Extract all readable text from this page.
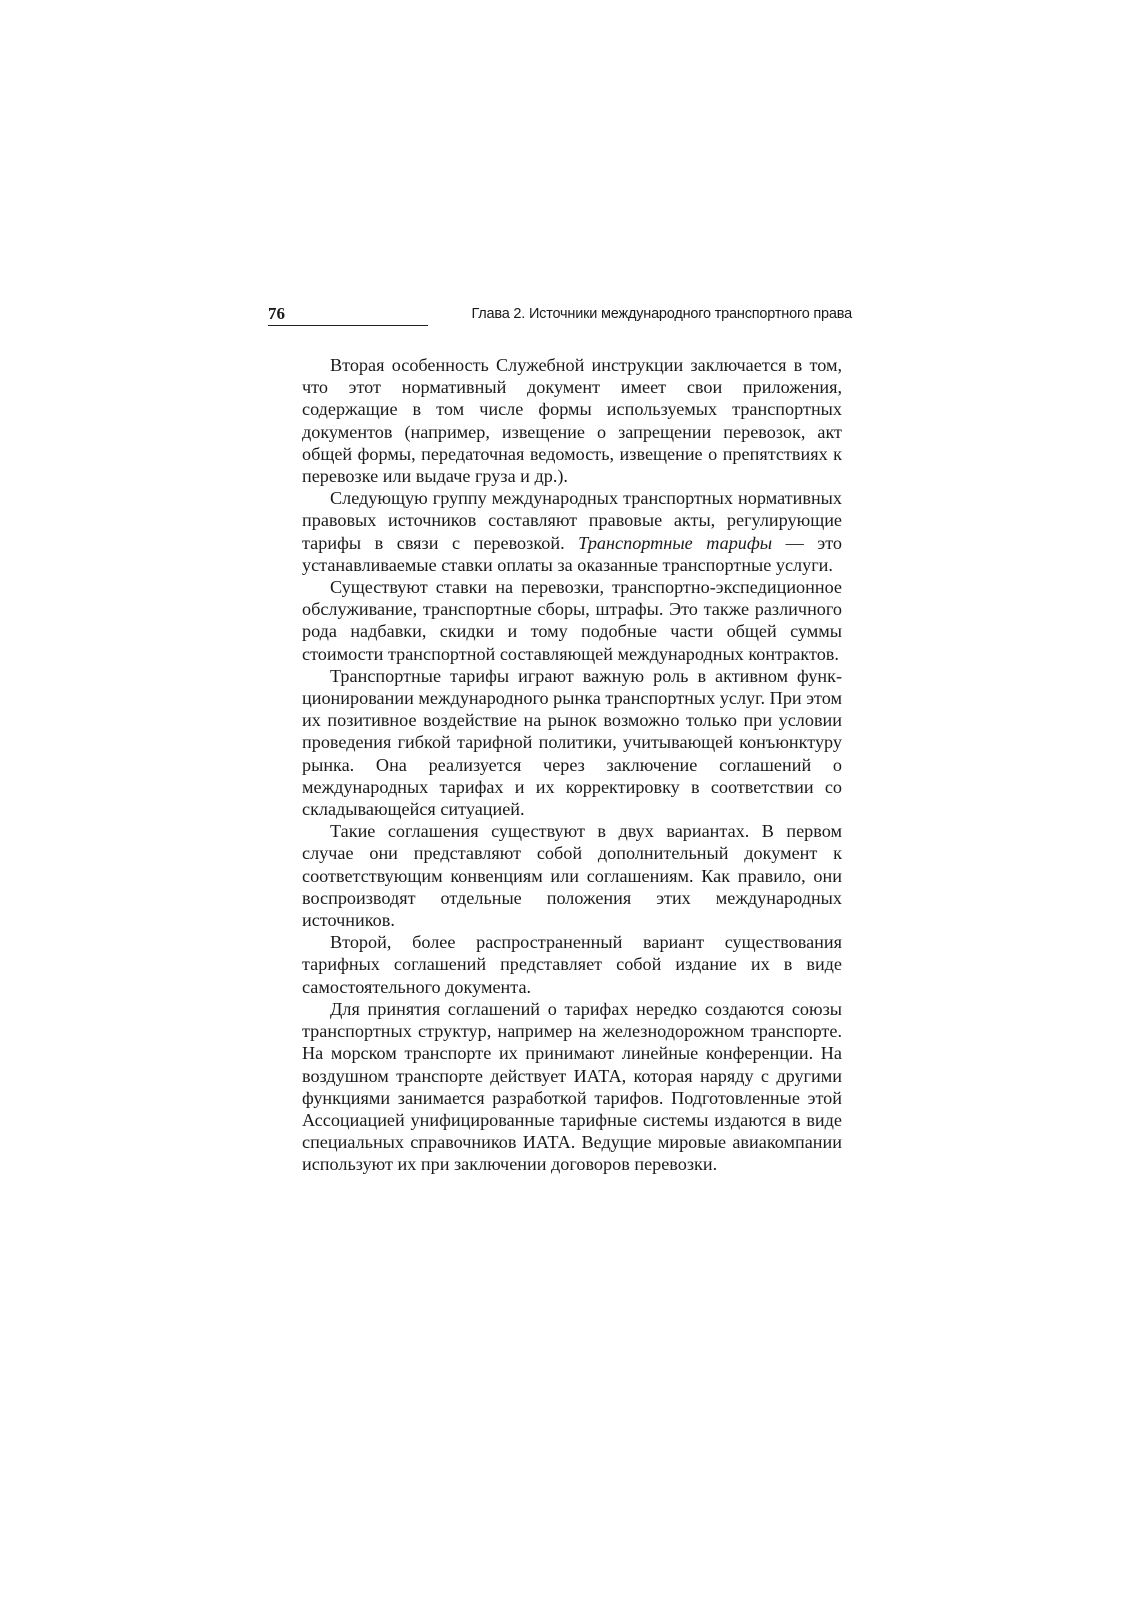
76	Глава 2. Источники международного транспортного права

Вторая особенность Служебной инструкции заключается в том, что этот нормативный документ имеет свои приложения, содержащие в том числе формы используемых транспортных документов (например, извещение о запрещении перевозок, акт общей формы, передаточная ведомость, извещение о препятствиях к перевозке или выдаче груза и др.).

Следующую группу международных транспортных нормативных правовых источников составляют правовые акты, регулирующие тарифы в связи с перевозкой. Транспортные тарифы — это устанавливаемые ставки оплаты за оказанные транспортные услуги.

Существуют ставки на перевозки, транспортно-экспедиционное обслуживание, транспортные сборы, штрафы. Это также различного рода надбавки, скидки и тому подобные части общей суммы стоимости транспортной составляющей международных контрактов.

Транспортные тарифы играют важную роль в активном функционировании международного рынка транспортных услуг. При этом их позитивное воздействие на рынок возможно только при условии проведения гибкой тарифной политики, учитывающей конъюнктуру рынка. Она реализуется через заключение соглашений о международных тарифах и их корректировку в соответствии со складывающейся ситуацией.

Такие соглашения существуют в двух вариантах. В первом случае они представляют собой дополнительный документ к соответствующим конвенциям или соглашениям. Как правило, они воспроизводят отдельные положения этих международных источников.

Второй, более распространенный вариант существования тарифных соглашений представляет собой издание их в виде самостоятельного документа.

Для принятия соглашений о тарифах нередко создаются союзы транспортных структур, например на железнодорожном транспорте. На морском транспорте их принимают линейные конференции. На воздушном транспорте действует ИАТА, которая наряду с другими функциями занимается разработкой тарифов. Подготовленные этой Ассоциацией унифицированные тарифные системы издаются в виде специальных справочников ИАТА. Ведущие мировые авиакомпании используют их при заключении договоров перевозки.
